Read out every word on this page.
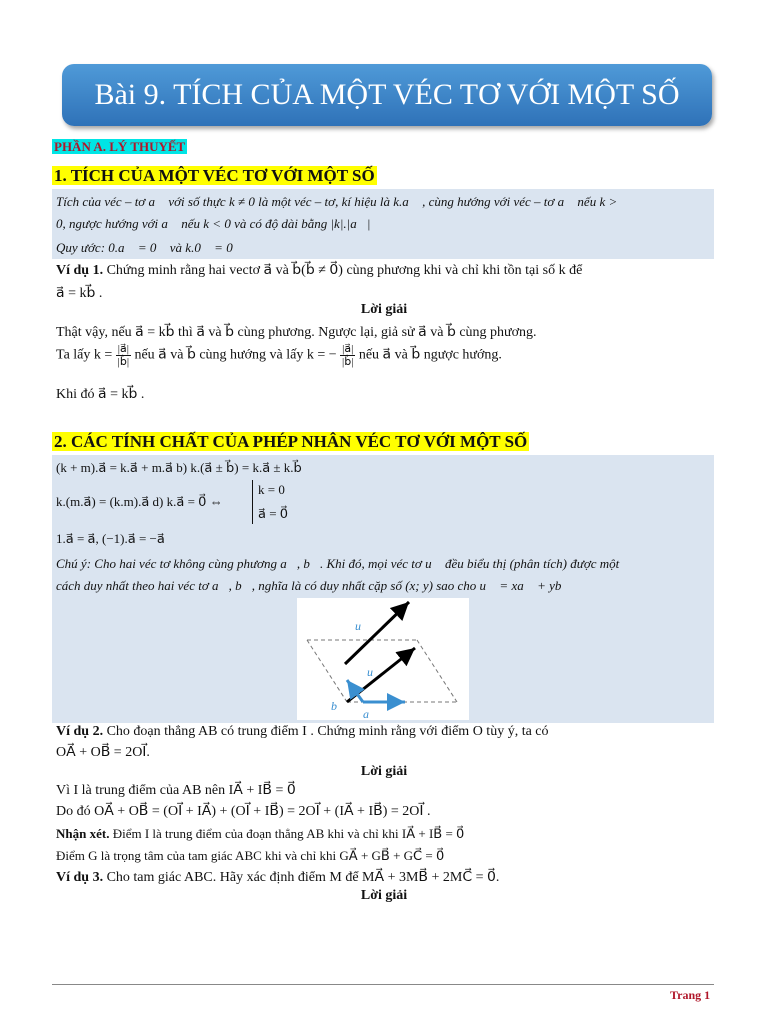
Bài 9. TÍCH CỦA MỘT VÉC TƠ VỚI MỘT SỐ
PHẦN A. LÝ THUYẾT
1. TÍCH CỦA MỘT VÉC TƠ VỚI MỘT SỐ
Tích của véc – tơ a⃗ với số thực k ≠ 0 là một véc – tơ, kí hiệu là k.a⃗ , cùng hướng với véc – tơ a⃗ nếu k >
0, ngược hướng với a⃗ nếu k < 0 và có độ dài bằng |k|.|a⃗|
Quy ước: 0.a⃗ = 0⃗ và k.0⃗ = 0⃗
Ví dụ 1. Chứng minh rằng hai vectơ a⃗ và b⃗(b⃗ ≠ 0⃗) cùng phương khi và chỉ khi tồn tại số k để
a⃗ = kb⃗ .
Lời giải
Thật vậy, nếu a⃗ = kb⃗ thì a⃗ và b⃗ cùng phương. Ngược lại, giả sử a⃗ và b⃗ cùng phương.
Ta lấy $k = \frac{|a⃗|}{|b⃗|}$ nếu a⃗ và b⃗ cùng hướng và lấy k = − $\frac{|a⃗|}{|b⃗|}$ nếu a⃗ và b⃗ ngược hướng.
Khi đó a⃗ = kb⃗ .
2. CÁC TÍNH CHẤT CỦA PHÉP NHÂN VÉC TƠ VỚI MỘT SỐ
(k + m).a⃗ = k.a⃗ + m.a⃗ b) k.(a⃗ ± b⃗) = k.a⃗ ± k.b⃗
k.(m.a⃗) = (k.m).a⃗ d) k.a⃗ = 0⃗ ⇔
k = 0
a⃗ = 0⃗
1.a⃗ = a⃗, (−1).a⃗ = −a⃗
Chú ý: Cho hai véc tơ không cùng phương a⃗, b⃗. Khi đó, mọi véc tơ u⃗ đều biểu thị (phân tích) được một
cách duy nhất theo hai véc tơ a⃗, b⃗, nghĩa là có duy nhất cặp số (x; y) sao cho u⃗ = xa⃗ + yb⃗
u⃗
u⃗
b⃗
a⃗
Ví dụ 2. Cho đoạn thẳng AB có trung điểm I . Chứng minh rằng với điểm O tùy ý, ta có
OA⃗ + OB⃗ = 2OI⃗.
Lời giải
Vì I là trung điểm của AB nên IA⃗ + IB⃗ = 0⃗
Do đó OA⃗ + OB⃗ = (OI⃗ + IA⃗) + (OI⃗ + IB⃗) = 2OI⃗ + (IA⃗ + IB⃗) = 2OI⃗ .
Nhận xét. Điểm I là trung điểm của đoạn thẳng AB khi và chỉ khi IA⃗ + IB⃗ = 0⃗
Điểm G là trọng tâm của tam giác ABC khi và chỉ khi GA⃗ + GB⃗ + GC⃗ = 0⃗
Ví dụ 3. Cho tam giác ABC. Hãy xác định điểm M để MA⃗ + 3MB⃗ + 2MC⃗ = 0⃗.
Lời giải
Trang 1
